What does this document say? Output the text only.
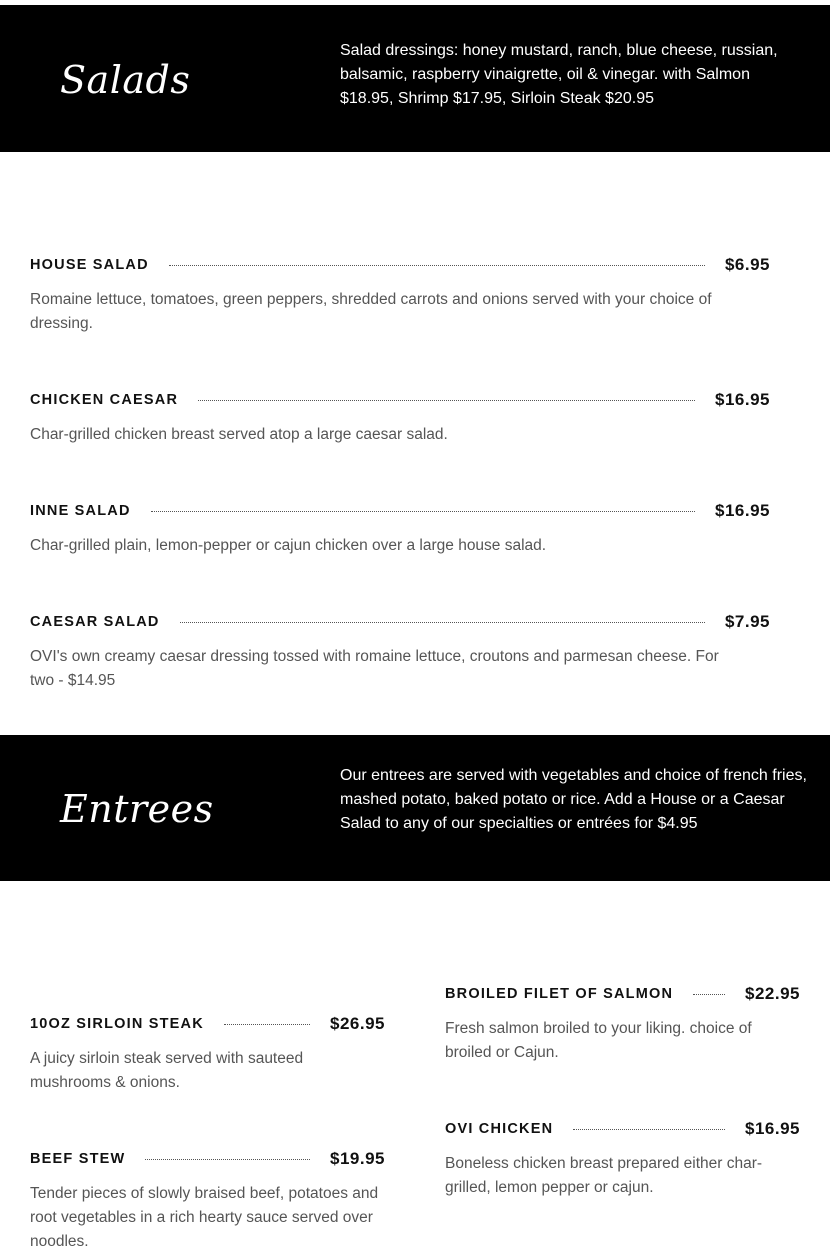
Salads
Salad dressings: honey mustard, ranch, blue cheese, russian, balsamic, raspberry vinaigrette, oil & vinegar. with Salmon $18.95, Shrimp $17.95, Sirloin Steak $20.95
HOUSE SALAD	$6.95
Romaine lettuce, tomatoes, green peppers, shredded carrots and onions served with your choice of dressing.
CHICKEN CAESAR	$16.95
Char-grilled chicken breast served atop a large caesar salad.
INNE SALAD	$16.95
Char-grilled plain, lemon-pepper or cajun chicken over a large house salad.
CAESAR SALAD	$7.95
OVI's own creamy caesar dressing tossed with romaine lettuce, croutons and parmesan cheese. For two - $14.95
Entrees
Our entrees are served with vegetables and choice of french fries, mashed potato, baked potato or rice. Add a House or a Caesar Salad to any of our specialties or entrées for $4.95
10OZ SIRLOIN STEAK	$26.95
A juicy sirloin steak served with sauteed mushrooms & onions.
BEEF STEW	$19.95
Tender pieces of slowly braised beef, potatoes and root vegetables in a rich hearty sauce served over noodles.
BROILED FILET OF SALMON	$22.95
Fresh salmon broiled to your liking. choice of broiled or Cajun.
OVI CHICKEN	$16.95
Boneless chicken breast prepared either char-grilled, lemon pepper or cajun.
